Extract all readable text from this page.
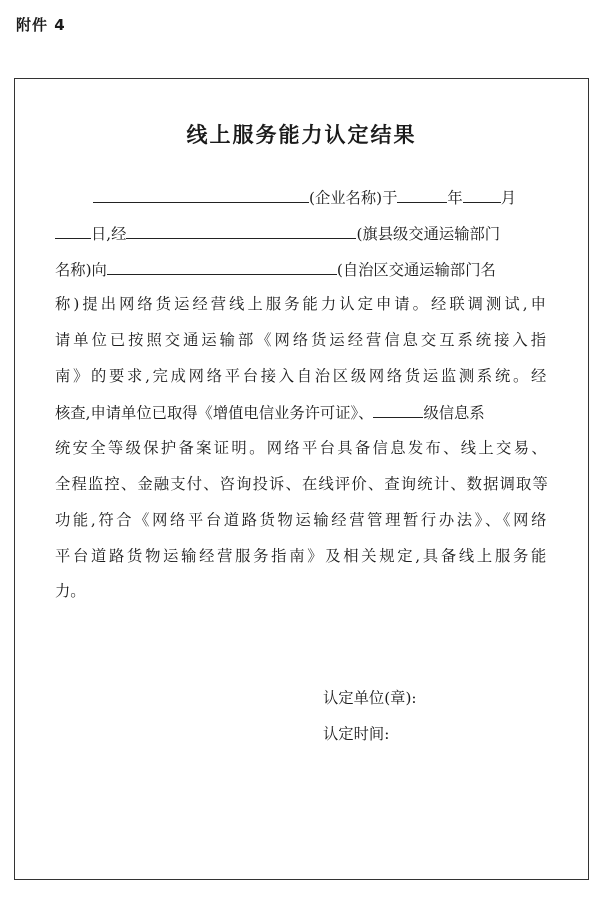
附件 4
线上服务能力认定结果
(企业名称)于	年 月
日,经	(旗县级交通运输部门
名称)向	(自治区交通运输部门名
称)提出网络货运经营线上服务能力认定申请。经联调测试,申
请单位已按照交通运输部《网络货运经营信息交互系统接入指
南》的要求,完成网络平台接入自治区级网络货运监测系统。经
核查,申请单位已取得《增值电信业务许可证》、	级信息系
统安全等级保护备案证明。网络平台具备信息发布、线上交易、
全程监控、金融支付、咨询投诉、在线评价、查询统计、数据调取等
功能,符合《网络平台道路货物运输经营管理暂行办法》、《网络
平台道路货物运输经营服务指南》及相关规定,具备线上服务能
力。
认定单位(章):
认定时间:
